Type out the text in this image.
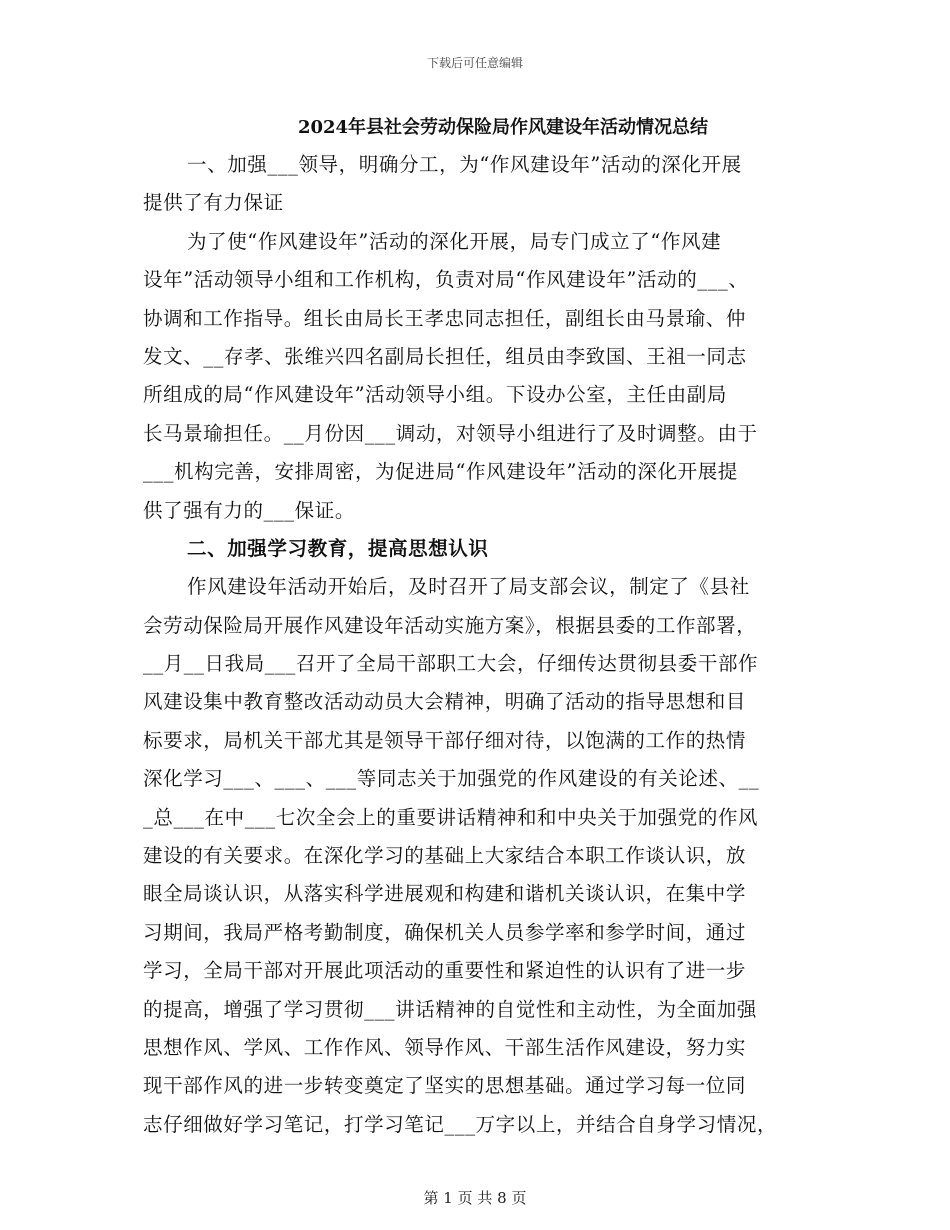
下载后可任意编辑
2024年县社会劳动保险局作风建设年活动情况总结
一、加强___领导，明确分工，为“作风建设年”活动的深化开展
提供了有力保证
为了使“作风建设年”活动的深化开展，局专门成立了“作风建
设年”活动领导小组和工作机构，负责对局“作风建设年”活动的___、
协调和工作指导。组长由局长王孝忠同志担任，副组长由马景瑜、仲
发文、__存孝、张维兴四名副局长担任，组员由李致国、王祖一同志
所组成的局“作风建设年”活动领导小组。下设办公室，主任由副局
长马景瑜担任。__月份因___调动，对领导小组进行了及时调整。由于
___机构完善，安排周密，为促进局“作风建设年”活动的深化开展提
供了强有力的___保证。
二、加强学习教育，提高思想认识
作风建设年活动开始后，及时召开了局支部会议，制定了《县社
会劳动保险局开展作风建设年活动实施方案》，根据县委的工作部署，
__月__日我局___召开了全局干部职工大会，仔细传达贯彻县委干部作
风建设集中教育整改活动动员大会精神，明确了活动的指导思想和目
标要求，局机关干部尤其是领导干部仔细对待，以饱满的工作的热情
深化学习___、___、___等同志关于加强党的作风建设的有关论述、__
_总___在中___七次全会上的重要讲话精神和和中央关于加强党的作风
建设的有关要求。在深化学习的基础上大家结合本职工作谈认识，放
眼全局谈认识，从落实科学进展观和构建和谐机关谈认识，在集中学
习期间，我局严格考勤制度，确保机关人员参学率和参学时间，通过
学习，全局干部对开展此项活动的重要性和紧迫性的认识有了进一步
的提高，增强了学习贯彻___讲话精神的自觉性和主动性，为全面加强
思想作风、学风、工作作风、领导作风、干部生活作风建设，努力实
现干部作风的进一步转变奠定了坚实的思想基础。通过学习每一位同
志仔细做好学习笔记，打学习笔记___万字以上，并结合自身学习情况，
第 1 页 共 8 页
